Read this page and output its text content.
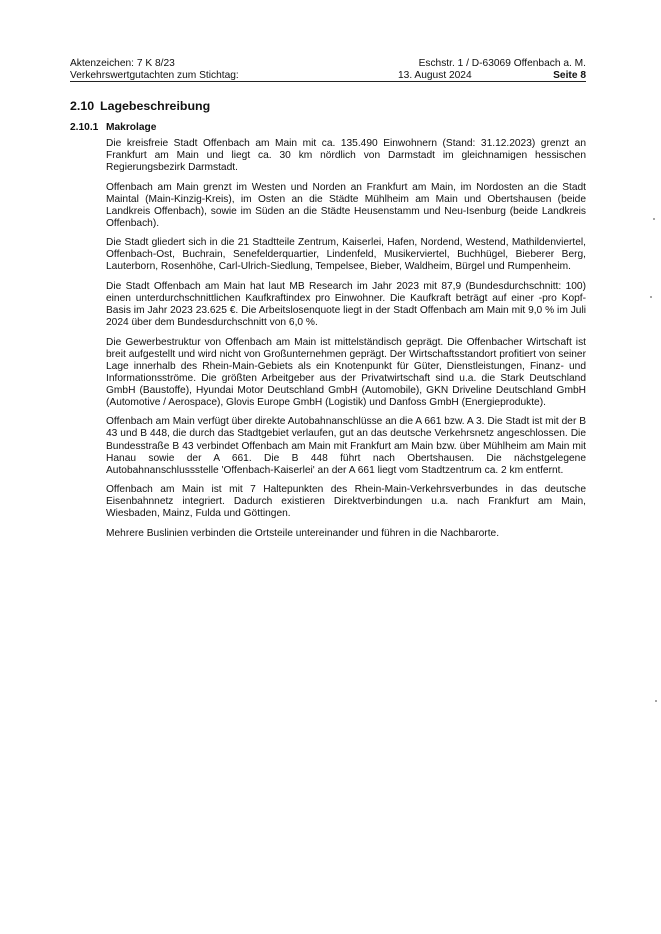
Aktenzeichen: 7 K 8/23	Eschstr. 1 / D-63069 Offenbach a. M.
Verkehrswertgutachten zum Stichtag:	13. August 2024	Seite 8
2.10 Lagebeschreibung
2.10.1 Makrolage

Die kreisfreie Stadt Offenbach am Main mit ca. 135.490 Einwohnern (Stand: 31.12.2023) grenzt an Frankfurt am Main und liegt ca. 30 km nördlich von Darmstadt im gleichnamigen hessischen Regierungsbezirk Darmstadt.

Offenbach am Main grenzt im Westen und Norden an Frankfurt am Main, im Nordosten an die Stadt Maintal (Main-Kinzig-Kreis), im Osten an die Städte Mühlheim am Main und Obertshausen (beide Landkreis Offenbach), sowie im Süden an die Städte Heusenstamm und Neu-Isenburg (beide Landkreis Offenbach).

Die Stadt gliedert sich in die 21 Stadtteile Zentrum, Kaiserlei, Hafen, Nordend, Westend, Mathildenviertel, Offenbach-Ost, Buchrain, Senefelderquartier, Lindenfeld, Musikerviertel, Buchhügel, Bieberer Berg, Lauterborn, Rosenhöhe, Carl-Ulrich-Siedlung, Tempelsee, Bieber, Waldheim, Bürgel und Rumpenheim.

Die Stadt Offenbach am Main hat laut MB Research im Jahr 2023 mit 87,9 (Bundesdurchschnitt: 100) einen unterdurchschnittlichen Kaufkraftindex pro Einwohner. Die Kaufkraft beträgt auf einer -pro Kopf-Basis im Jahr 2023 23.625 €. Die Arbeitslosenquote liegt in der Stadt Offenbach am Main mit 9,0 % im Juli 2024 über dem Bundesdurchschnitt von 6,0 %.

Die Gewerbestruktur von Offenbach am Main ist mittelständisch geprägt. Die Offenbacher Wirtschaft ist breit aufgestellt und wird nicht von Großunternehmen geprägt. Der Wirtschaftsstandort profitiert von seiner Lage innerhalb des Rhein-Main-Gebiets als ein Knotenpunkt für Güter, Dienstleistungen, Finanz- und Informationsströme. Die größten Arbeitgeber aus der Privatwirtschaft sind u.a. die Stark Deutschland GmbH (Baustoffe), Hyundai Motor Deutschland GmbH (Automobile), GKN Driveline Deutschland GmbH (Automotive / Aerospace), Glovis Europe GmbH (Logistik) und Danfoss GmbH (Energieprodukte).

Offenbach am Main verfügt über direkte Autobahnanschlüsse an die A 661 bzw. A 3. Die Stadt ist mit der B 43 und B 448, die durch das Stadtgebiet verlaufen, gut an das deutsche Verkehrsnetz angeschlossen. Die Bundesstraße B 43 verbindet Offenbach am Main mit Frankfurt am Main bzw. über Mühlheim am Main mit Hanau sowie der A 661. Die B 448 führt nach Obertshausen. Die nächstgelegene Autobahnanschlussstelle 'Offenbach-Kaiserlei' an der A 661 liegt vom Stadtzentrum ca. 2 km entfernt.

Offenbach am Main ist mit 7 Haltepunkten des Rhein-Main-Verkehrsverbundes in das deutsche Eisenbahnnetz integriert. Dadurch existieren Direktverbindungen u.a. nach Frankfurt am Main, Wiesbaden, Mainz, Fulda und Göttingen.

Mehrere Buslinien verbinden die Ortsteile untereinander und führen in die Nachbarorte.
